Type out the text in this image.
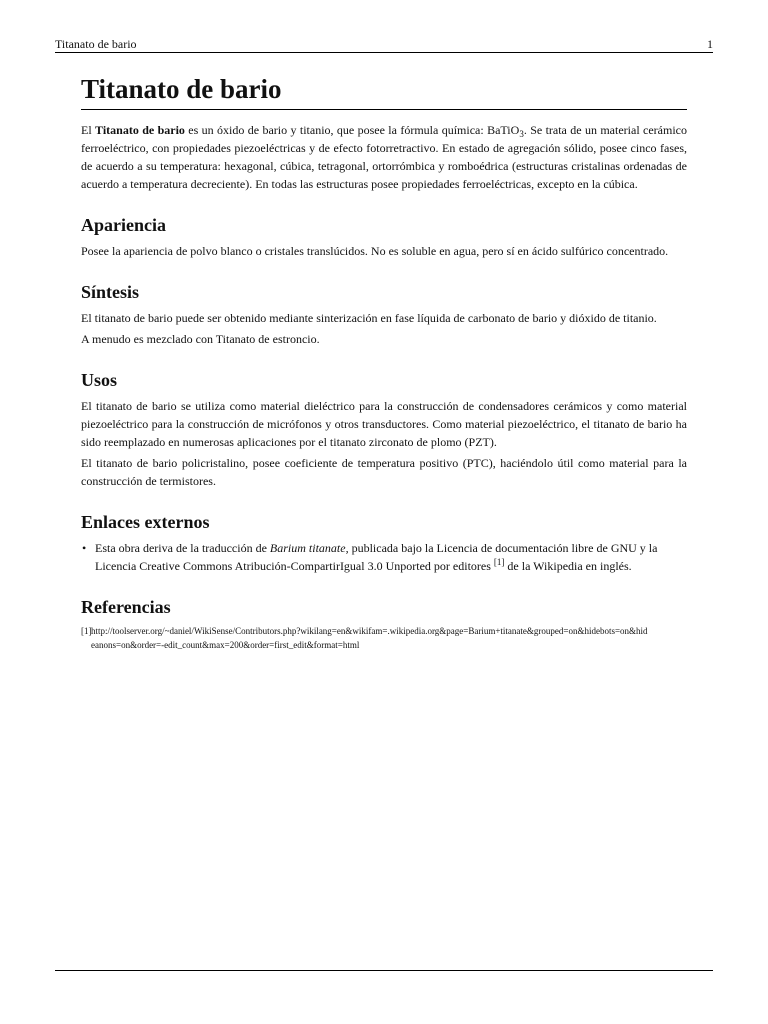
Titanato de bario	1
Titanato de bario

El Titanato de bario es un óxido de bario y titanio, que posee la fórmula química: BaTiO$_3$. Se trata de un material cerámico ferroeléctrico, con propiedades piezoeléctricas y de efecto fotorretractivo. En estado de agregación sólido, posee cinco fases, de acuerdo a su temperatura: hexagonal, cúbica, tetragonal, ortorrómbica y romboédrica (estructuras cristalinas ordenadas de acuerdo a temperatura decreciente). En todas las estructuras posee propiedades ferroeléctricas, excepto en la cúbica.

Apariencia

Posee la apariencia de polvo blanco o cristales translúcidos. No es soluble en agua, pero sí en ácido sulfúrico concentrado.

Síntesis

El titanato de bario puede ser obtenido mediante sinterización en fase líquida de carbonato de bario y dióxido de titanio.

A menudo es mezclado con Titanato de estroncio.

Usos

El titanato de bario se utiliza como material dieléctrico para la construcción de condensadores cerámicos y como material piezoeléctrico para la construcción de micrófonos y otros transductores. Como material piezoeléctrico, el titanato de bario ha sido reemplazado en numerosas aplicaciones por el titanato zirconato de plomo (PZT).

El titanato de bario policristalino, posee coeficiente de temperatura positivo (PTC), haciéndolo útil como material para la construcción de termistores.

Enlaces externos
• Esta obra deriva de la traducción de Barium titanate, publicada bajo la Licencia de documentación libre de GNU y la Licencia Creative Commons Atribución-CompartirIgual 3.0 Unported por editores [1] de la Wikipedia en inglés.
Referencias
[1] http://toolserver.org/~daniel/WikiSense/Contributors.php?wikilang=en&wikifam=.wikipedia.org&page=Barium+titanate&grouped=on&hidebots=on&hideanons=on&order=-edit_count&max=200&order=first_edit&format=html
